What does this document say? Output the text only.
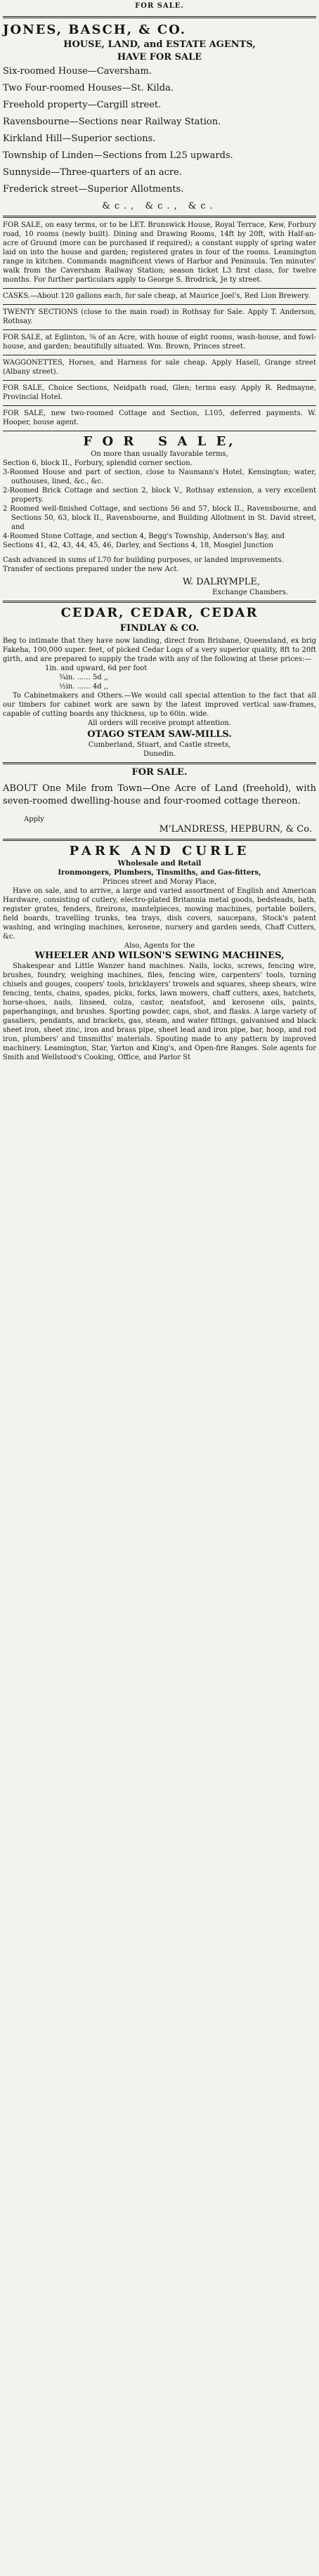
FOR SALE.
JONES, BASCH, & CO.
HOUSE, LAND, and ESTATE AGENTS,
HAVE FOR SALE
Six-roomed House—Caversham.
Two Four-roomed Houses—St. Kilda.
Freehold property—Cargill street.
Ravensbourne—Sections near Railway Station.
Kirkland Hill—Superior sections.
Township of Linden—Sections from L25 upwards.
Sunnyside—Three-quarters of an acre.
Frederick street—Superior Allotments.
&c., &c., &c.
FOR SALE, on easy terms, or to be LET. Brunswick House, Royal Terrace, Kew, Forbury road, 10 rooms (newly built). Dining and Drawing Rooms, 14ft by 20ft, with Half-an-acre of Ground (more can be purchased if required); a constant supply of spring water laid on into the house and garden; registered grates in four of the rooms. Leamington range in kitchen. Commands magnificent views of Harbor and Peninsula. Ten minutes' walk from the Caversham Railway Station; season ticket L3 first class, for twelve months. For further particulars apply to George S. Brodrick, Je ty street.
CASKS.—About 120 gallons each, for sale cheap, at Maurice Joel's, Red Lion Brewery.
TWENTY SECTIONS (close to the main road) in Rothsay for Sale. Apply T. Anderson, Rothsay.
FOR SALE, at Eglinton, ⅜ of an Acre, with house of eight rooms, wash-house, and fowl-house, and garden; beautifully situated. Wm. Brown, Princes street.
WAGGONETTES, Horses, and Harness for sale cheap. Apply Hasell, Grange street (Albany street).
FOR SALE, Choice Sections, Neidpath road, Glen; terms easy. Apply R. Redmayne, Provincial Hotel.
FOR SALE, new two-roomed Cottage and Section, L105, deferred payments. W. Hooper, house agent.
F O R   S A L E,
On more than usually favorable terms,
Section 6, block II., Forbury, splendid corner section.
3-Roomed House and part of section, close to Naumann's Hotel, Kensington; water, outhouses, lined, &c., &c.
2-Roomed Brick Cottage and section 2, block V., Rothsay extension, a very excellent property.
2 Roomed well-finished Cottage, and sections 56 and 57, block II., Ravensbourne, and Sections 50, 63, block II., Ravensbourne, and Building Allotment in St. David street, and
4-Roomed Stone Cottage, and section 4, Begg's Township, Anderson's Bay, and
Sections 41, 42, 43, 44, 45, 46, Darley, and Sections 4, 18, Mosgiel Junction
Cash advanced in sums of L70 for building purposes, or landed improvements.
Transfer of sections prepared under the new Act.
W. DALRYMPLE,
Exchange Chambers.
CEDAR, CEDAR, CEDAR
FINDLAY & CO.
Beg to intimate that they have now landing, direct from Brisbane, Queensland, ex brig Fakeha, 100,000 super. feet, of picked Cedar Logs of a very superior quality, 8ft to 20ft girth, and are prepared to supply the trade with any of the following at these prices:—
1in. and upward, 6d per foot
¾in. ...... 5d ,,
½in. ...... 4d ,,
To Cabinetmakers and Others.—We would call special attention to the fact that all our timbers for cabinet work are sawn by the latest improved vertical saw-frames, capable of cutting boards any thickness, up to 60in. wide.
All orders will receive prompt attention.
OTAGO STEAM SAW-MILLS.
Cumberland, Stuart, and Castle streets,
Dunedin.
FOR SALE.
ABOUT One Mile from Town—One Acre of Land (freehold), with seven-roomed dwelling-house and four-roomed cottage thereon.
Apply
M'LANDRESS, HEPBURN, & Co.
PARK AND CURLE
Wholesale and Retail
Ironmongers, Plumbers, Tinsmiths, and Gas-fitters,
Princes street and Moray Place,
Have on sale, and to arrive, a large and varied assortment of English and American Hardware, consisting of cutlery, electro-plated Britannia metal goods, bedsteads, bath, register grates, fenders, fireirons, mantelpieces, mowing machines, portable boilers, field boards, travelling trunks, tea trays, dish covers, saucepans, Stock's patent washing, and wringing machines, kerosene, nursery and garden seeds, Chaff Cutters, &c.
Also, Agents for the
WHEELER AND WILSON'S SEWING MACHINES,
Shakespear and Little Wanzer hand machines. Nails, locks, screws, fencing wire, brushes, foundry, weighing machines, files, fencing wire, carpenters' tools, turning chisels and gouges, coopers' tools, bricklayers' trowels and squares, sheep shears, wire fencing, tents, chains, spades, picks, forks, lawn mowers, chaff cutters, axes, hatchets, horse-shoes, nails, linseed, colza, castor, neatsfoot, and kerosene oils, paints, paperhangings, and brushes. Sporting powder, caps, shot, and flasks. A large variety of gasaliers, pendants, and brackets, gas, steam, and water fittings, galvanised and black sheet iron, sheet zinc, iron and brass pipe, sheet lead and iron pipe, bar, hoop, and rod iron, plumbers' and tinsmiths' materials. Spouting made to any pattern by improved machinery. Leamington, Star, Yarton and King's, and Open-fire Ranges. Sole agents for Smith and Wellstood's Cooking, Office, and Parlor St
